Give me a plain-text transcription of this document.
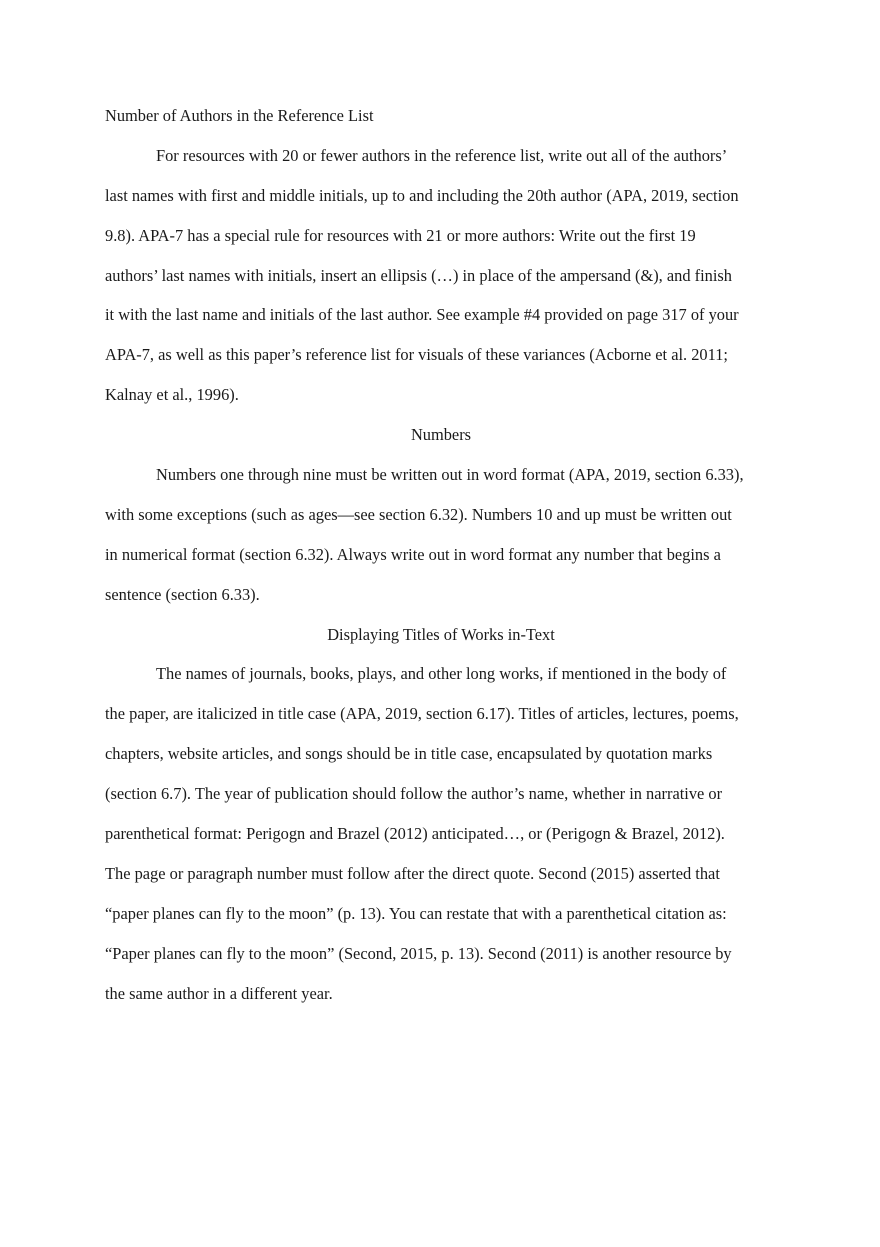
Number of Authors in the Reference List
For resources with 20 or fewer authors in the reference list, write out all of the authors’
last names with first and middle initials, up to and including the 20th author (APA, 2019, section
9.8). APA-7 has a special rule for resources with 21 or more authors: Write out the first 19
authors’ last names with initials, insert an ellipsis (…) in place of the ampersand (&), and finish
it with the last name and initials of the last author. See example #4 provided on page 317 of your
APA-7, as well as this paper’s reference list for visuals of these variances (Acborne et al. 2011;
Kalnay et al., 1996).
Numbers
Numbers one through nine must be written out in word format (APA, 2019, section 6.33),
with some exceptions (such as ages—see section 6.32). Numbers 10 and up must be written out
in numerical format (section 6.32). Always write out in word format any number that begins a
sentence (section 6.33).
Displaying Titles of Works in-Text
The names of journals, books, plays, and other long works, if mentioned in the body of
the paper, are italicized in title case (APA, 2019, section 6.17). Titles of articles, lectures, poems,
chapters, website articles, and songs should be in title case, encapsulated by quotation marks
(section 6.7). The year of publication should follow the author’s name, whether in narrative or
parenthetical format: Perigogn and Brazel (2012) anticipated…, or (Perigogn & Brazel, 2012).
The page or paragraph number must follow after the direct quote. Second (2015) asserted that
“paper planes can fly to the moon” (p. 13). You can restate that with a parenthetical citation as:
“Paper planes can fly to the moon” (Second, 2015, p. 13). Second (2011) is another resource by
the same author in a different year.
